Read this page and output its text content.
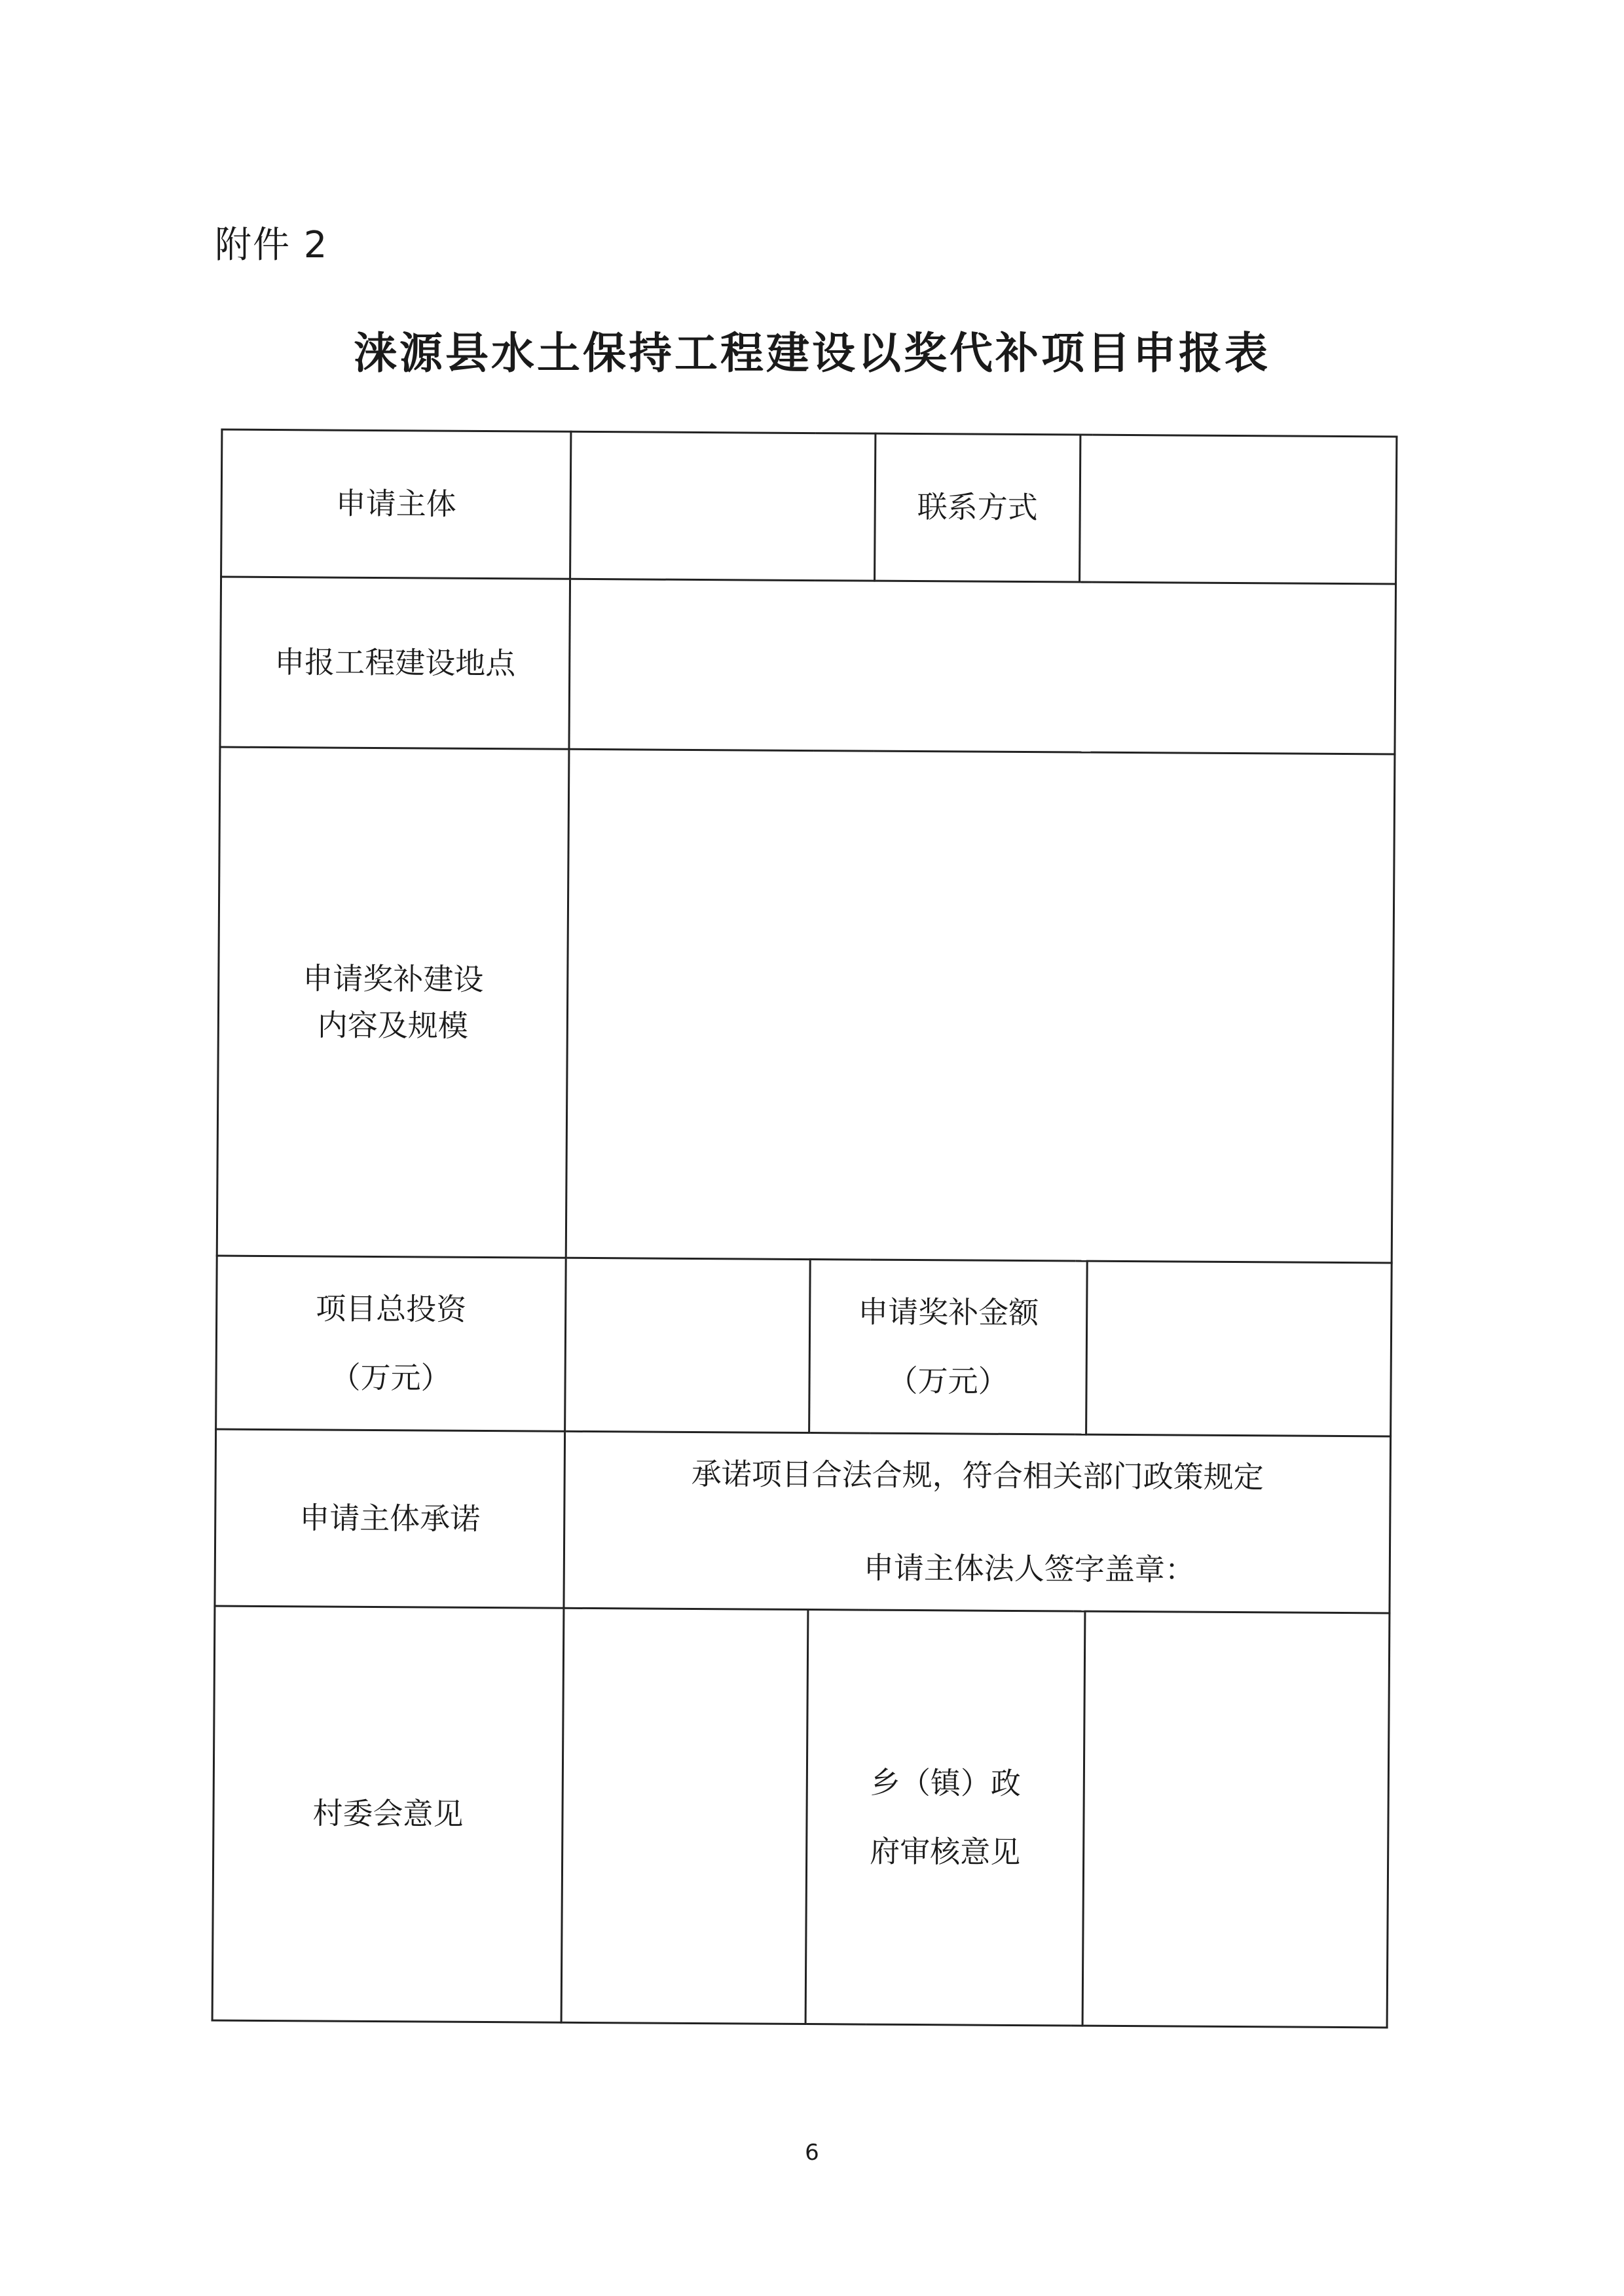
附件 2
涞源县水土保持工程建设以奖代补项目申报表
申请主体			联系方式		
申报工程建设地点					

申请奖补建设
内容及规模					

项目总投资
（万元）		申请奖补金额
（万元）			

申请主体承诺	承诺项目合法合规，符合相关部门政策规定
申请主体法人签字盖章：				

村委会意见		乡（镇）政
府审核意见			

6
